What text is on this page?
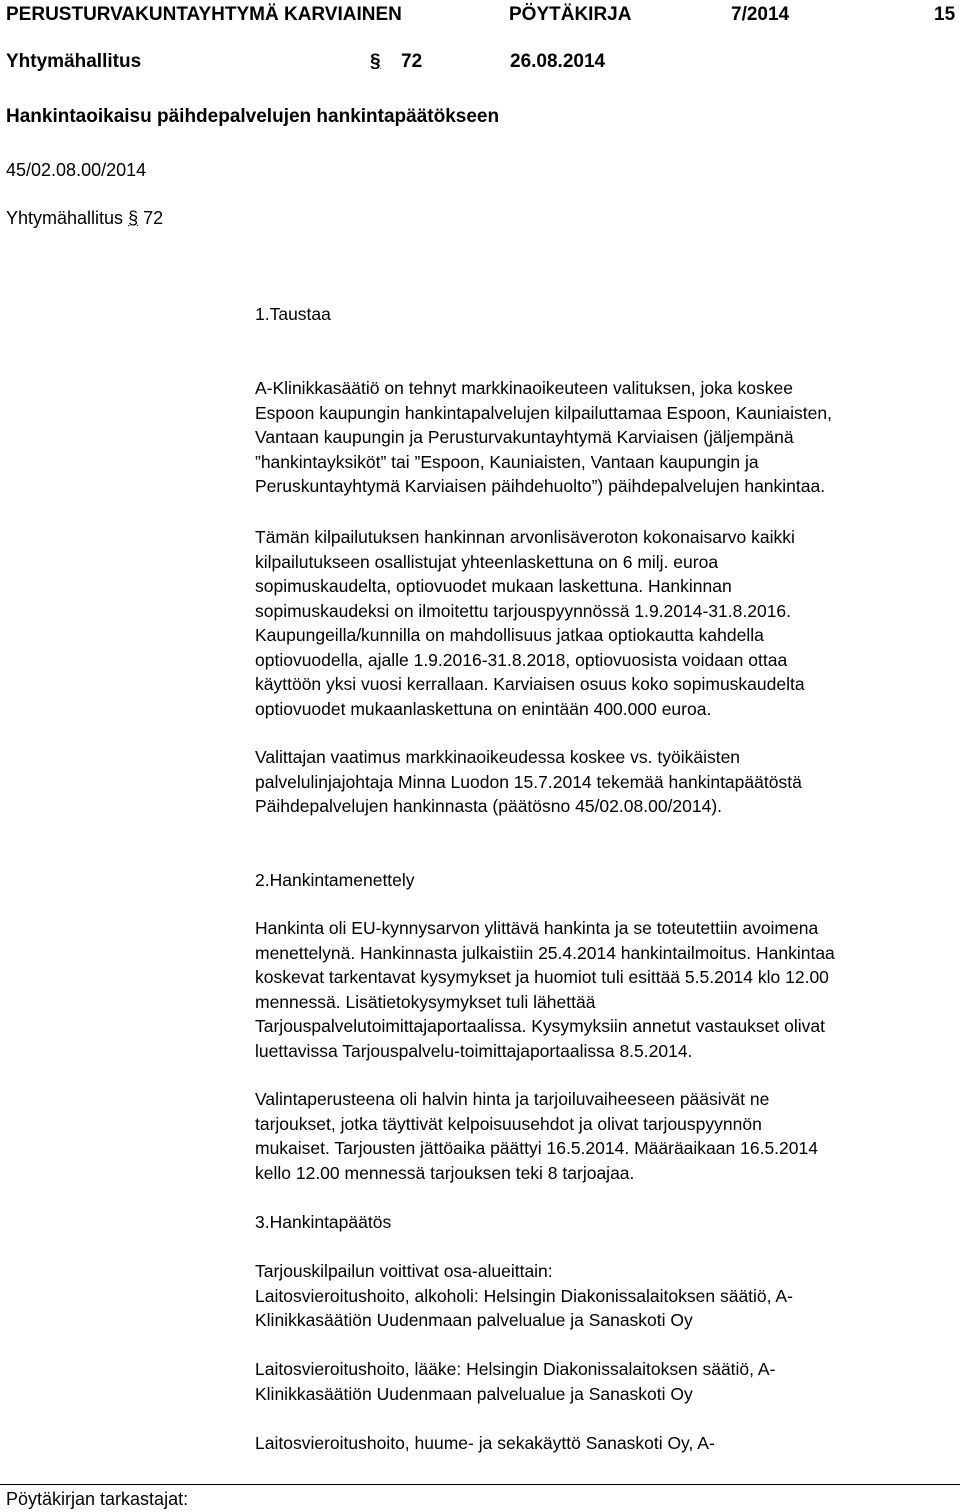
PERUSTURVAKUNTAYHTYMÄ KARVIAINEN	PÖYTÄKIRJA	7/2014	15
Yhtymähallitus	§ 72	26.08.2014
Hankintaoikaisu päihdepalvelujen hankintapäätökseen
45/02.08.00/2014
Yhtymähallitus § 72

1.Taustaa

A-Klinikkasäätiö on tehnyt markkinaoikeuteen valituksen, joka koskee

Espoon kaupungin hankintapalvelujen kilpailuttamaa Espoon, Kauniaisten,

Vantaan kaupungin ja Perusturvakuntayhtymä Karviaisen (jäljempänä

”hankintayksiköt” tai ”Espoon, Kauniaisten, Vantaan kaupungin ja

Peruskuntayhtymä Karviaisen päihdehuolto”) päihdepalvelujen hankintaa.

Tämän kilpailutuksen hankinnan arvonlisäveroton kokonaisarvo kaikki

kilpailutukseen osallistujat yhteenlaskettuna on 6 milj. euroa

sopimuskaudelta, optiovuodet mukaan laskettuna. Hankinnan

sopimuskaudeksi on ilmoitettu tarjouspyynnössä 1.9.2014-31.8.2016.

Kaupungeilla/kunnilla on mahdollisuus jatkaa optiokautta kahdella

optiovuodella, ajalle 1.9.2016-31.8.2018, optiovuosista voidaan ottaa

käyttöön yksi vuosi kerrallaan. Karviaisen osuus koko sopimuskaudelta

optiovuodet mukaanlaskettuna on enintään 400.000 euroa.

Valittajan vaatimus markkinaoikeudessa koskee vs. työikäisten

palvelulinjajohtaja Minna Luodon 15.7.2014 tekemää hankintapäätöstä

Päihdepalvelujen hankinnasta (päätösno 45/02.08.00/2014).

2.Hankintamenettely

Hankinta oli EU-kynnysarvon ylittävä hankinta ja se toteutettiin avoimena

menettelynä. Hankinnasta julkaistiin 25.4.2014 hankintailmoitus. Hankintaa

koskevat tarkentavat kysymykset ja huomiot tuli esittää 5.5.2014 klo 12.00

mennessä. Lisätietokysymykset tuli lähettää

Tarjouspalvelutoimittajaportaalissa. Kysymyksiin annetut vastaukset olivat

luettavissa Tarjouspalvelu-toimittajaportaalissa 8.5.2014.

Valintaperusteena oli halvin hinta ja tarjoiluvaiheeseen pääsivät ne

tarjoukset, jotka täyttivät kelpoisuusehdot ja olivat tarjouspyynnön

mukaiset. Tarjousten jättöaika päättyi 16.5.2014. Määräaikaan 16.5.2014

kello 12.00 mennessä tarjouksen teki 8 tarjoajaa.

3.Hankintapäätös

Tarjouskilpailun voittivat osa-alueittain:

Laitosvieroitushoito, alkoholi: Helsingin Diakonissalaitoksen säätiö, A-

Klinikkasäätiön Uudenmaan palvelualue ja Sanaskoti Oy

Laitosvieroitushoito, lääke: Helsingin Diakonissalaitoksen säätiö, A-

Klinikkasäätiön Uudenmaan palvelualue ja Sanaskoti Oy

Laitosvieroitushoito, huume- ja sekakäyttö Sanaskoti Oy, A-

Pöytäkirjan tarkastajat:
